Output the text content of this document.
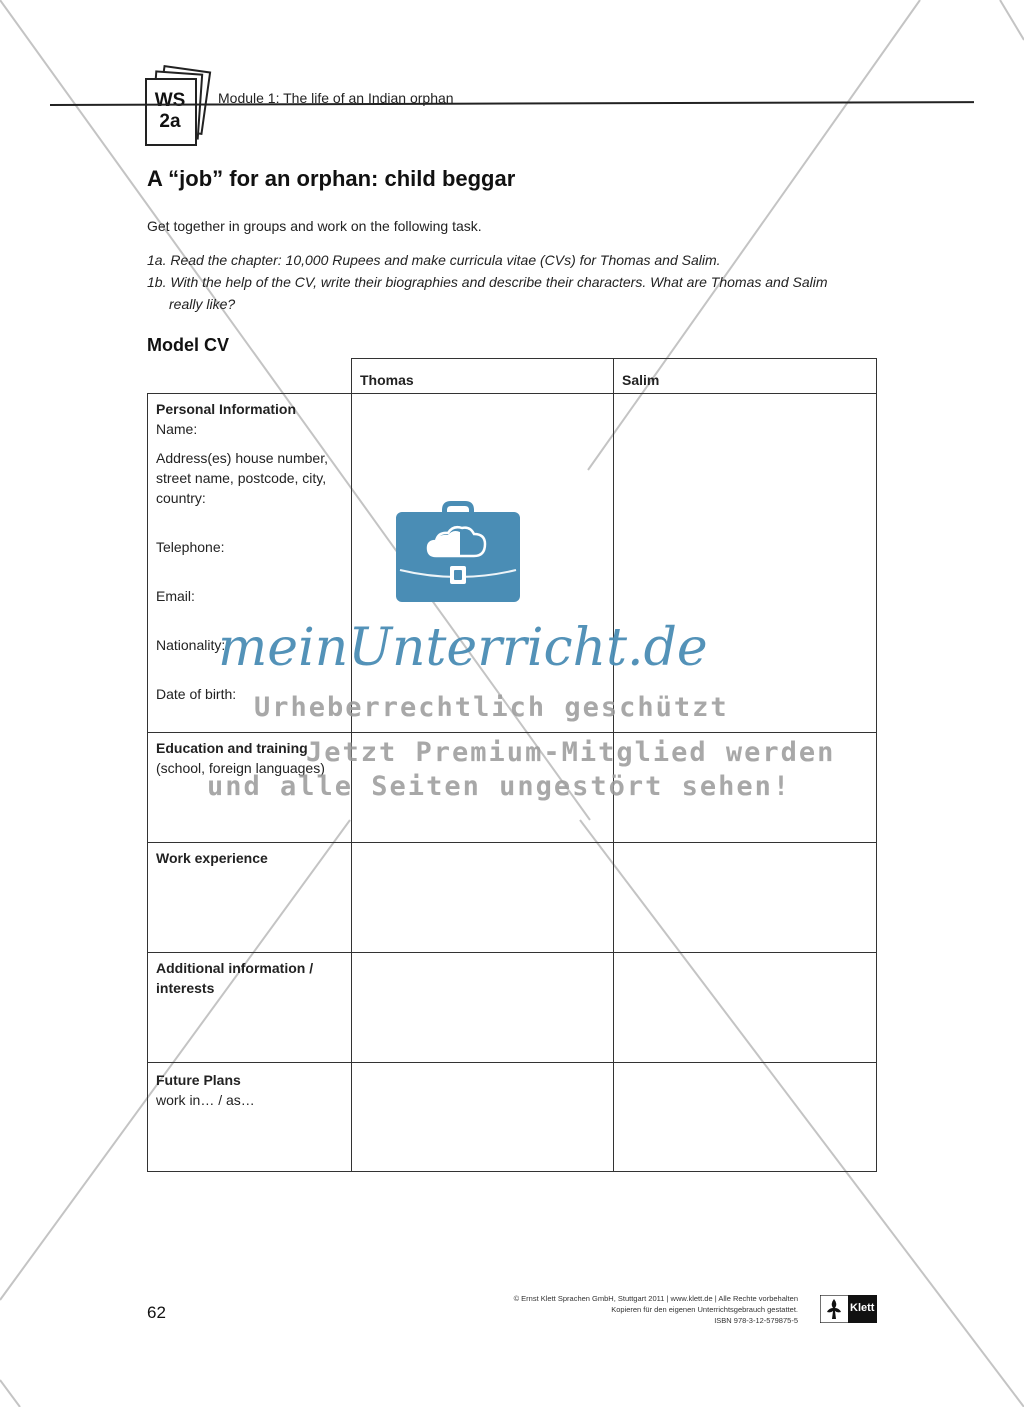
WS
2a
Module 1: The life of an Indian orphan
A “job” for an orphan: child beggar
Get together in groups and work on the following task.
1a. Read the chapter: 10,000 Rupees and make curricula vitae (CVs) for Thomas and Salim.
1b. With the help of the CV, write their biographies and describe their characters. What are Thomas and Salim
really like?
Model CV
Thomas	Salim
Personal Information
Name:
Address(es) house number,
street name, postcode, city,
country:
Telephone:
Email:
Nationality:
Date of birth:
Education and training
(school, foreign languages)
Work experience
Additional information /
interests
Future Plans
work in… / as…
meinUnterricht.de
Urheberrechtlich geschützt
Jetzt Premium-Mitglied werden
und alle Seiten ungestört sehen!
62
© Ernst Klett Sprachen GmbH, Stuttgart 2011 | www.klett.de | Alle Rechte vorbehalten
Kopieren für den eigenen Unterrichtsgebrauch gestattet.
ISBN 978-3-12-579875-5
Klett
